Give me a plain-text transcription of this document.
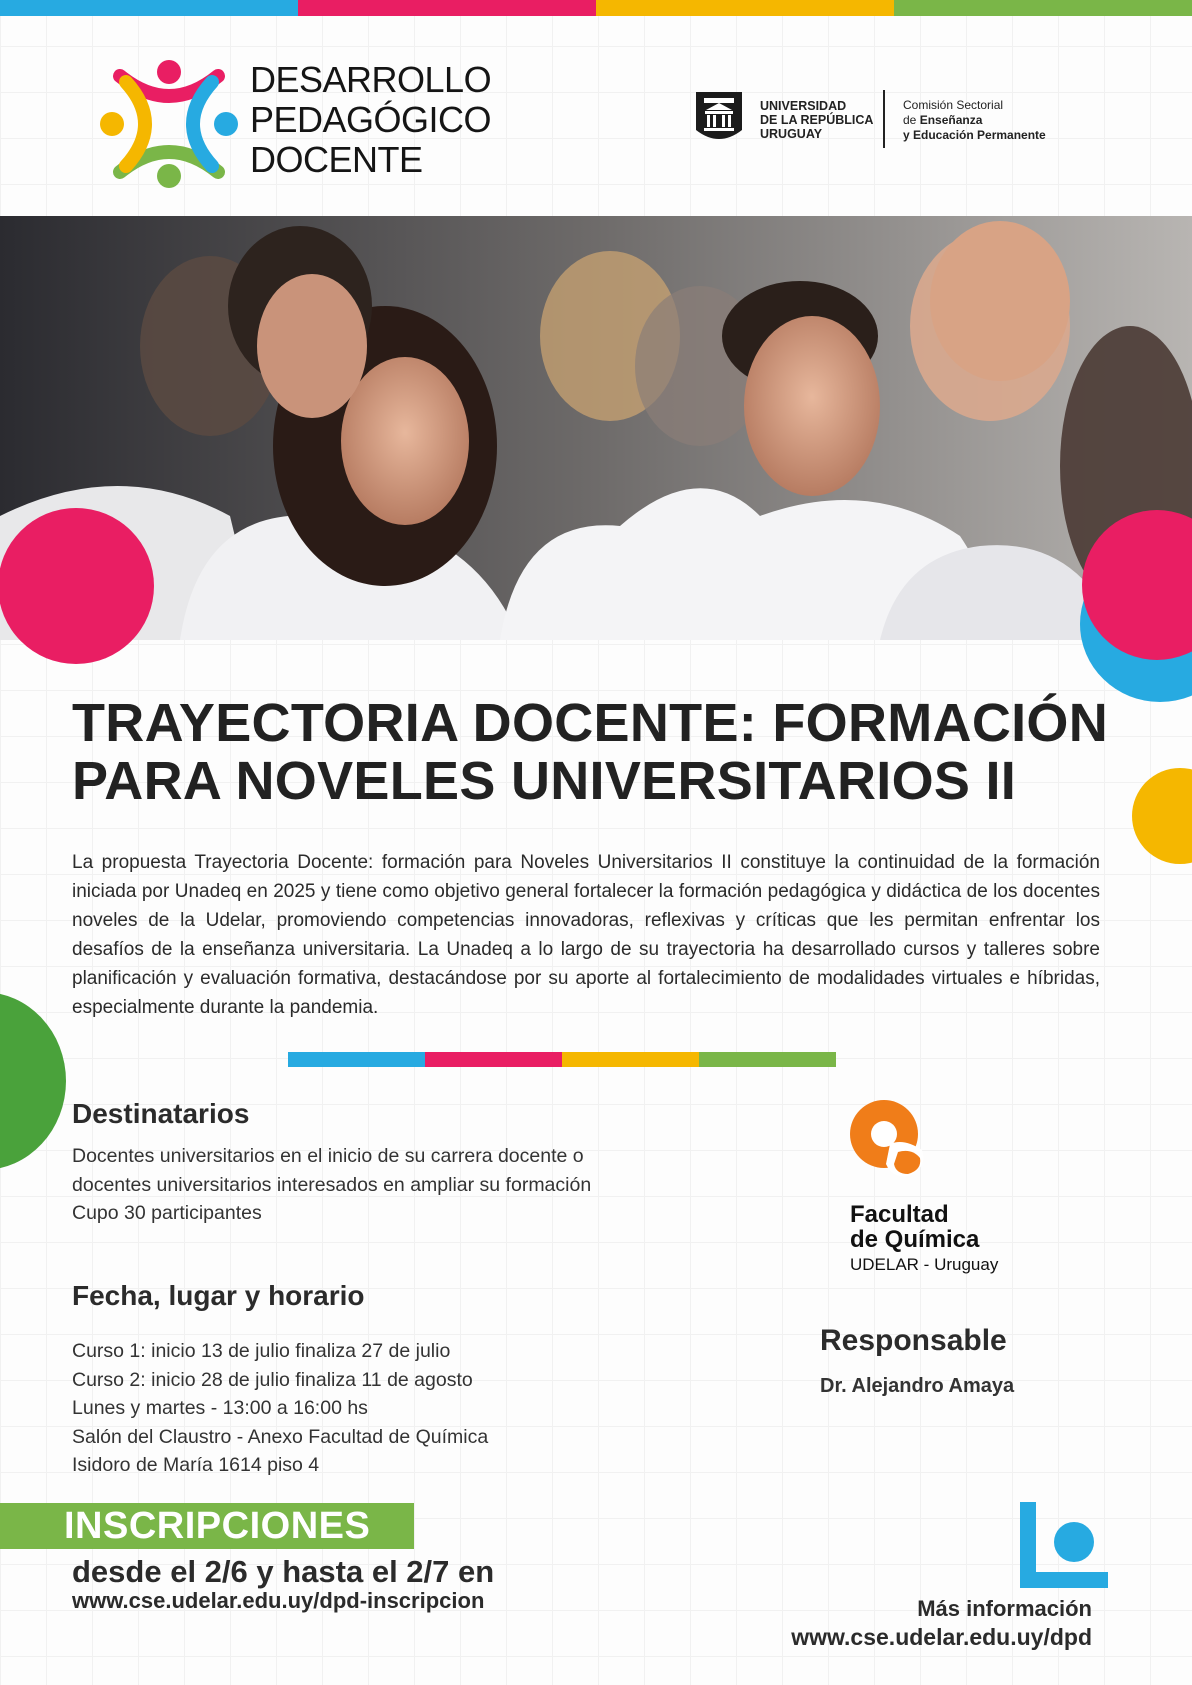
DESARROLLO
PEDAGÓGICO
DOCENTE
UNIVERSIDAD
DE LA REPÚBLICA
URUGUAY
Comisión Sectorial
de Enseñanza
y Educación Permanente
TRAYECTORIA DOCENTE: FORMACIÓN
PARA NOVELES UNIVERSITARIOS II

La propuesta Trayectoria Docente: formación para Noveles Universitarios II constituye la continuidad de la formación iniciada por Unadeq en 2025 y tiene como objetivo general fortalecer la formación pedagógica y didáctica de los docentes noveles de la Udelar, promoviendo competencias innovadoras, reflexivas y críticas que les permitan enfrentar los desafíos de la enseñanza universitaria. La Unadeq a lo largo de su trayectoria ha desarrollado cursos y talleres sobre planificación y evaluación formativa, destacándose por su aporte al fortalecimiento de modalidades virtuales e híbridas, especialmente durante la pandemia.

Destinatarios
Docentes universitarios en el inicio de su carrera docente o
docentes universitarios interesados en ampliar su formación
Cupo 30 participantes
Fecha, lugar y horario
Curso 1: inicio 13 de julio finaliza 27 de julio
Curso 2: inicio 28 de julio finaliza 11 de agosto
Lunes y martes - 13:00 a 16:00 hs
Salón del Claustro - Anexo Facultad de Química
Isidoro de María 1614 piso 4
Facultad
de Química
UDELAR - Uruguay
Responsable
Dr. Alejandro Amaya
INSCRIPCIONES
desde el 2/6 y hasta el 2/7 en
www.cse.udelar.edu.uy/dpd-inscripcion	Más información
www.cse.udelar.edu.uy/dpd
